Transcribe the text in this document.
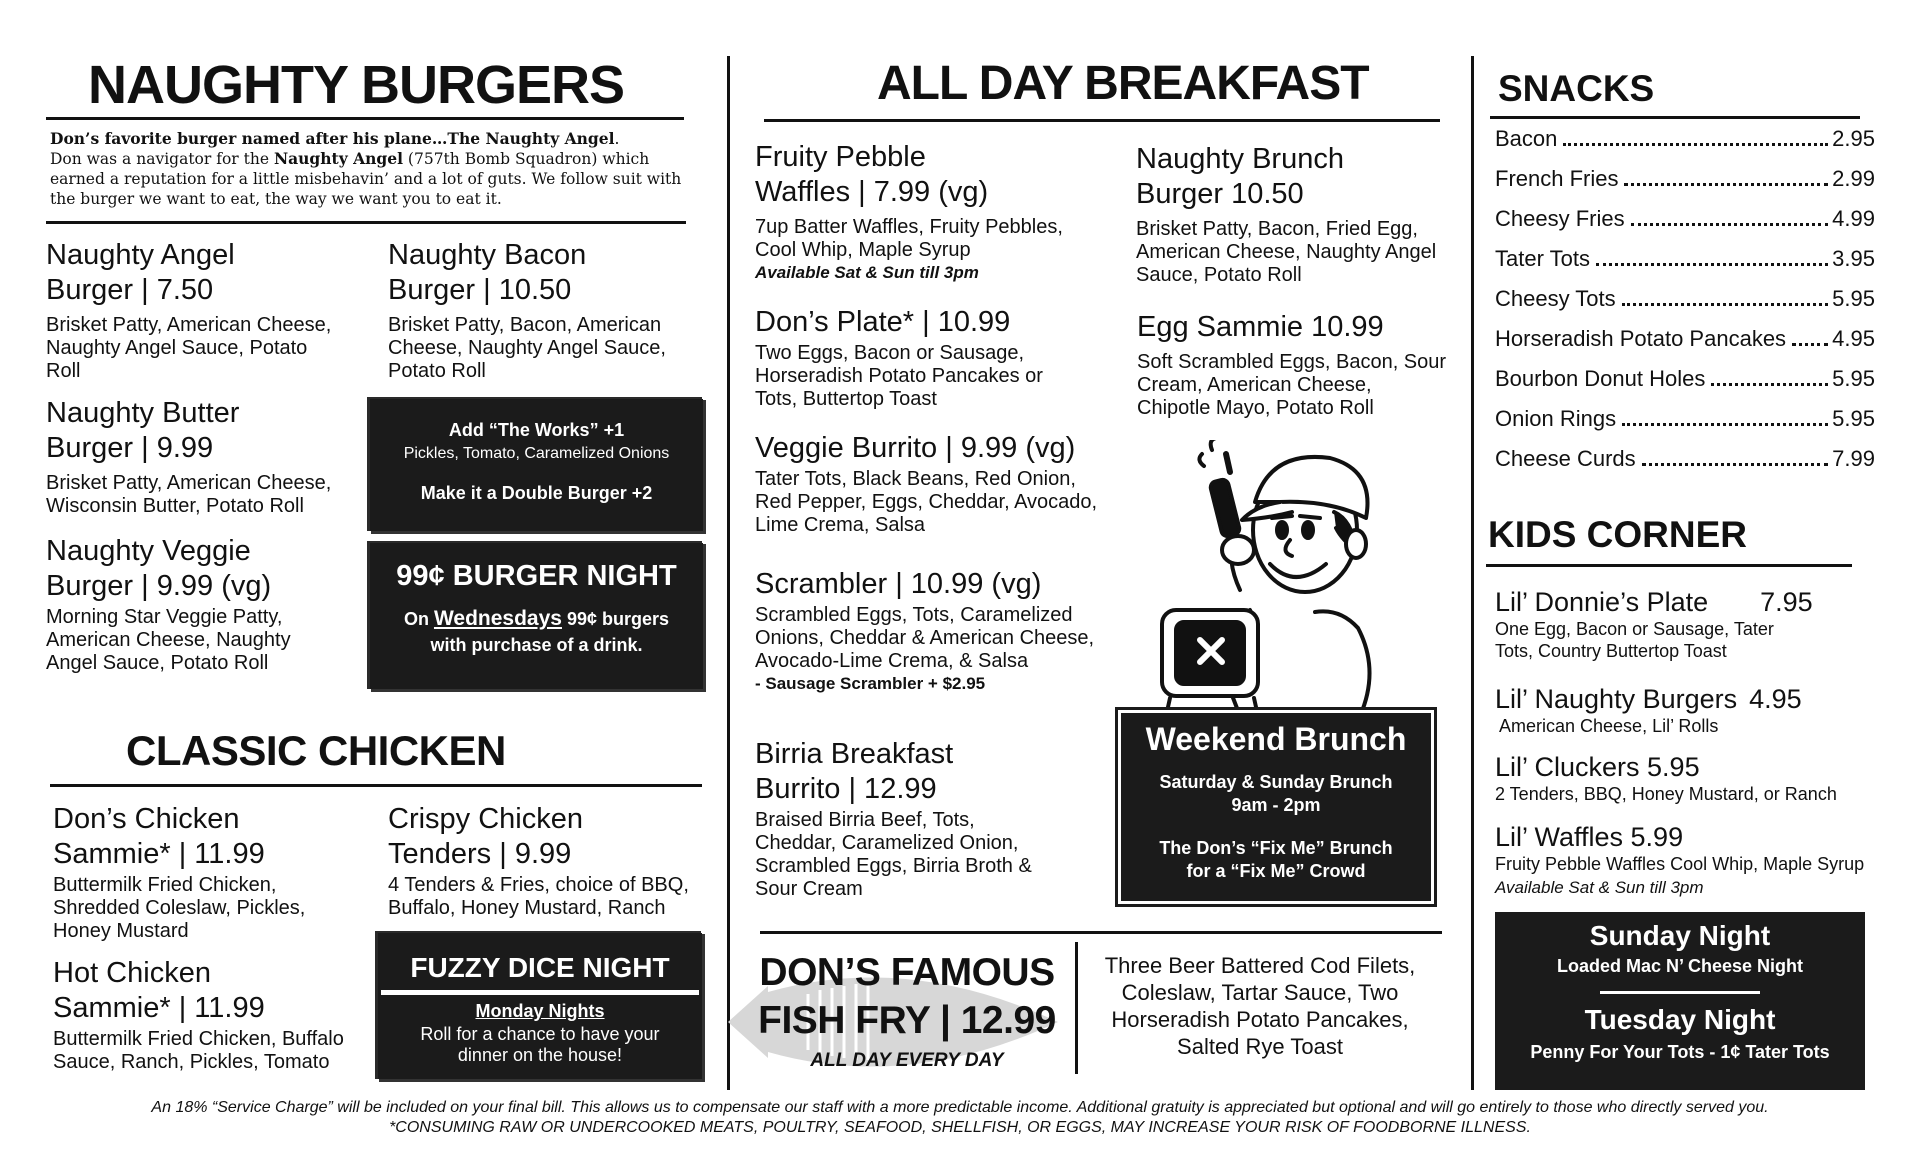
NAUGHTY BURGERS
Don’s favorite burger named after his plane…The Naughty Angel.
Don was a navigator for the Naughty Angel (757th Bomb Squadron) which
earned a reputation for a little misbehavin’ and a lot of guts. We follow suit with
the burger we want to eat, the way we want you to eat it.
Naughty Angel
Burger | 7.50
Brisket Patty, American Cheese, Naughty Angel Sauce, Potato Roll
Naughty Bacon
Burger | 10.50
Brisket Patty, Bacon, American Cheese, Naughty Angel Sauce, Potato Roll
Naughty Butter
Burger | 9.99
Brisket Patty, American Cheese, Wisconsin Butter, Potato Roll
Naughty Veggie
Burger | 9.99 (vg)
Morning Star Veggie Patty, American Cheese, Naughty Angel Sauce, Potato Roll
Add “The Works” +1
Pickles, Tomato, Caramelized Onions
Make it a Double Burger +2
99¢ BURGER NIGHT
On Wednesdays 99¢ burgers
with purchase of a drink.
CLASSIC CHICKEN
Don’s Chicken
Sammie* | 11.99
Buttermilk Fried Chicken, Shredded Coleslaw, Pickles, Honey Mustard
Crispy Chicken
Tenders | 9.99
4 Tenders & Fries, choice of BBQ, Buffalo, Honey Mustard, Ranch
Hot Chicken
Sammie* | 11.99
Buttermilk Fried Chicken, Buffalo Sauce, Ranch, Pickles, Tomato
FUZZY DICE NIGHT
Monday Nights
Roll for a chance to have your
dinner on the house!
ALL DAY BREAKFAST
Fruity Pebble
Waffles | 7.99 (vg)
7up Batter Waffles, Fruity Pebbles, Cool Whip, Maple Syrup
Available Sat & Sun till 3pm
Don’s Plate* | 10.99
Two Eggs, Bacon or Sausage, Horseradish Potato Pancakes or Tots, Buttertop Toast
Veggie Burrito | 9.99 (vg)
Tater Tots, Black Beans, Red Onion, Red Pepper, Eggs, Cheddar, Avocado, Lime Crema, Salsa
Scrambler | 10.99 (vg)
Scrambled Eggs, Tots, Caramelized Onions, Cheddar & American Cheese, Avocado-Lime Crema, & Salsa
- Sausage Scrambler + $2.95
Birria Breakfast
Burrito | 12.99
Braised Birria Beef, Tots, Cheddar, Caramelized Onion, Scrambled Eggs, Birria Broth & Sour Cream
Naughty Brunch
Burger 10.50
Brisket Patty, Bacon, Fried Egg, American Cheese, Naughty Angel Sauce, Potato Roll
Egg Sammie 10.99
Soft Scrambled Eggs, Bacon, Sour Cream, American Cheese, Chipotle Mayo, Potato Roll
Weekend Brunch
Saturday & Sunday Brunch
9am - 2pm
The Don’s “Fix Me” Brunch
for a “Fix Me” Crowd
DON’S FAMOUS
FISH FRY | 12.99
ALL DAY EVERY DAY
Three Beer Battered Cod Filets,
Coleslaw, Tartar Sauce, Two
Horseradish Potato Pancakes,
Salted Rye Toast
SNACKS
Bacon	2.95
French Fries	2.99
Cheesy Fries	4.99
Tater Tots	3.95
Cheesy Tots	5.95
Horseradish Potato Pancakes 4.95
Bourbon Donut Holes	5.95
Onion Rings	5.95
Cheese Curds	7.99
KIDS CORNER
Lil’ Donnie’s Plate 7.95
One Egg, Bacon or Sausage, Tater Tots, Country Buttertop Toast
Lil’ Naughty Burgers 4.95
American Cheese, Lil’ Rolls
Lil’ Cluckers 5.95
2 Tenders, BBQ, Honey Mustard, or Ranch
Lil’ Waffles 5.99
Fruity Pebble Waffles Cool Whip, Maple Syrup
Available Sat & Sun till 3pm
Sunday Night
Loaded Mac N’ Cheese Night
Tuesday Night
Penny For Your Tots - 1¢ Tater Tots
An 18% “Service Charge” will be included on your final bill. This allows us to compensate our staff with a more predictable income. Additional gratuity is appreciated but optional and will go entirely to those who directly served you.
*CONSUMING RAW OR UNDERCOOKED MEATS, POULTRY, SEAFOOD, SHELLFISH, OR EGGS, MAY INCREASE YOUR RISK OF FOODBORNE ILLNESS.
